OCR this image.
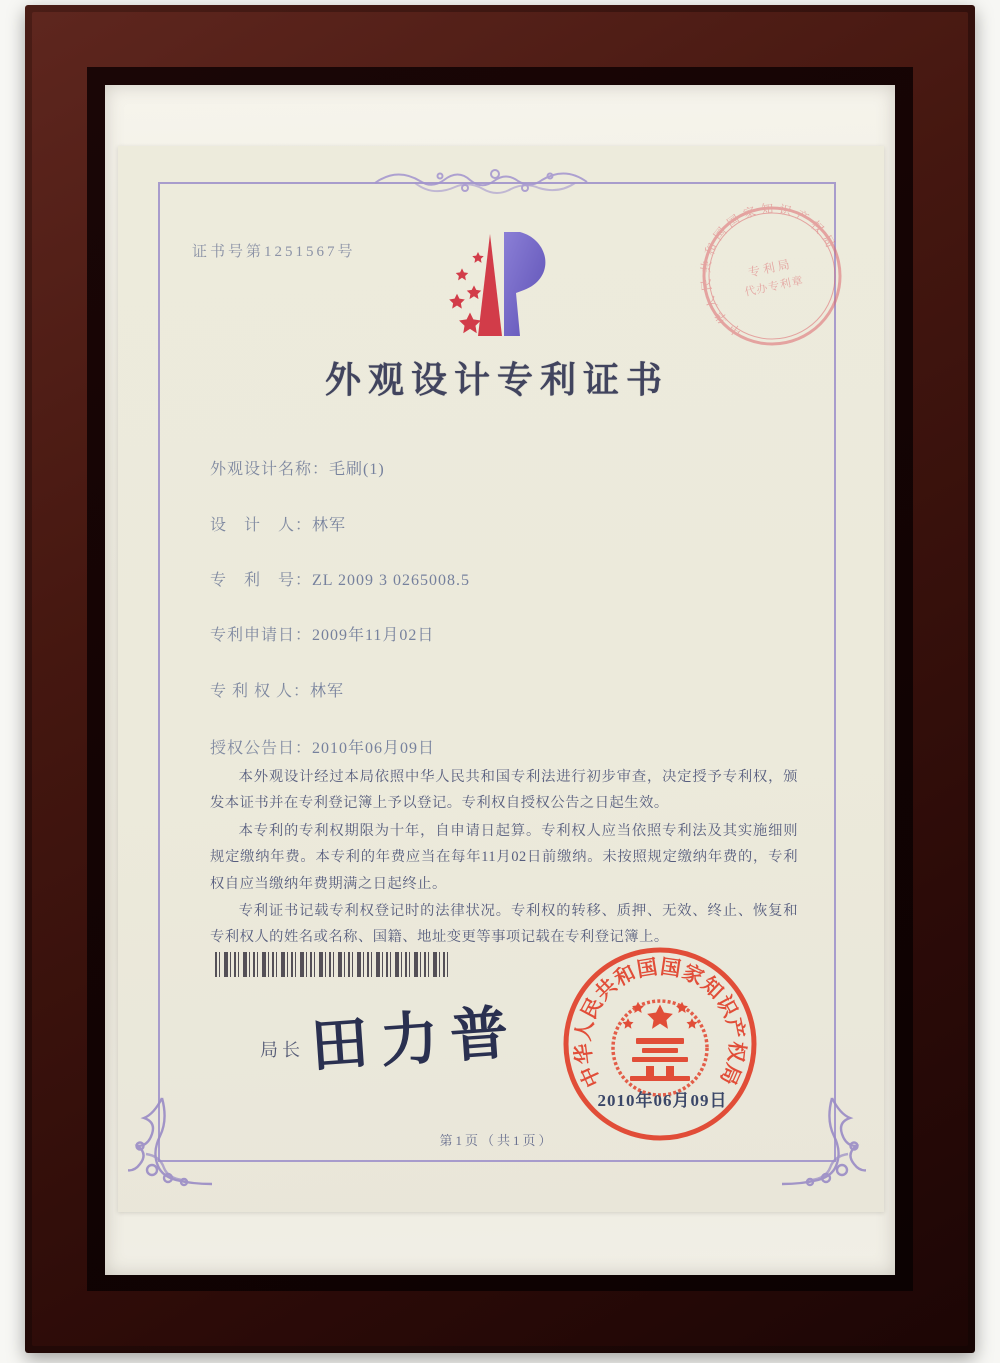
证书号第1251567号
外观设计专利证书
外观设计名称：毛刷(1)
设　计　人：林军
专　利　号：ZL 2009 3 0265008.5
专利申请日：2009年11月02日
专 利 权 人：林军
授权公告日：2010年06月09日
本外观设计经过本局依照中华人民共和国专利法进行初步审查，决定授予专利权，颁发本证书并在专利登记簿上予以登记。专利权自授权公告之日起生效。
本专利的专利权期限为十年，自申请日起算。专利权人应当依照专利法及其实施细则规定缴纳年费。本专利的年费应当在每年11月02日前缴纳。未按照规定缴纳年费的，专利权自应当缴纳年费期满之日起终止。
专利证书记载专利权登记时的法律状况。专利权的转移、质押、无效、终止、恢复和专利权人的姓名或名称、国籍、地址变更等事项记载在专利登记簿上。
局长 田力普
2010年06月09日
中华人民共和国国家知识产权局
中华人民共和国国家知识产权局
专利局
代办专利章
第1页（共1页）
